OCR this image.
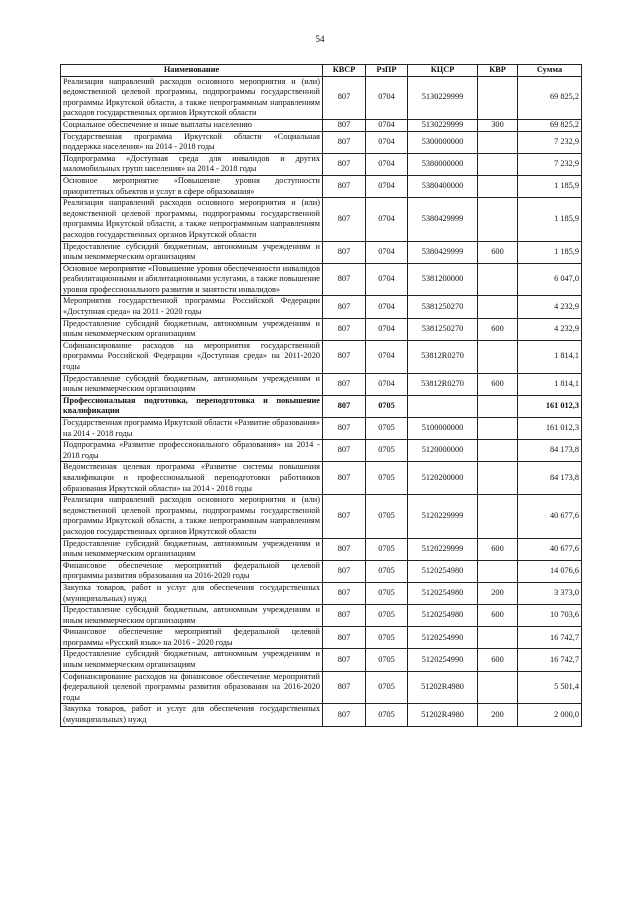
54
Наименование	КВСР	РзПР	КЦСР	КВР	Сумма
Реализация направлений расходов основного мероприятия и (или) ведомственной целевой программы, подпрограммы государственной программы Иркутской области, а также непрограммным направлениям расходов государственных органов Иркутской области	807	0704	5130229999		69 825,2
Социальное обеспечение и иные выплаты населению	807	0704	5130229999	300	69 825,2
Государственная программа Иркутской области «Социальная поддержка населения» на 2014 - 2018 годы	807	0704	5300000000		7 232,9
Подпрограмма «Доступная среда для инвалидов и других маломобильных групп населения» на 2014 - 2018 годы	807	0704	5380000000		7 232,9
Основное мероприятие «Повышение уровня доступности приоритетных объектов и услуг в сфере образования»	807	0704	5380400000		1 185,9
Реализация направлений расходов основного мероприятия и (или) ведомственной целевой программы, подпрограммы государственной программы Иркутской области, а также непрограммным направлениям расходов государственных органов Иркутской области	807	0704	5380429999		1 185,9
Предоставление субсидий бюджетным, автономным учреждениям и иным некоммерческим организациям	807	0704	5380429999	600	1 185,9
Основное мероприятие «Повышение уровня обеспеченности инвалидов реабилитационными и абилитационными услугами, а также повышение уровня профессионального развития и занятости инвалидов»	807	0704	5381200000		6 047,0
Мероприятия государственной программы Российской Федерации «Доступная среда» на 2011 - 2020 годы	807	0704	5381250270		4 232,9
Предоставление субсидий бюджетным, автономным учреждениям и иным некоммерческим организациям	807	0704	5381250270	600	4 232,9
Софинансирование расходов на мероприятия государственной программы Российской Федерации «Доступная среда» на 2011-2020 годы	807	0704	53812R0270		1 814,1
Предоставление субсидий бюджетным, автономным учреждениям и иным некоммерческим организациям	807	0704	53812R0270	600	1 814,1
Профессиональная подготовка, переподготовка и повышение квалификации	807	0705			161 012,3
Государственная программа Иркутской области «Развитие образования» на 2014 - 2018 годы	807	0705	5100000000		161 012,3
Подпрограмма «Развитие профессионального образования» на 2014 - 2018 годы	807	0705	5120000000		84 173,8
Ведомственная целевая программа «Развитие системы повышения квалификации и профессиональной переподготовки работников образования Иркутской области» на 2014 - 2018 годы	807	0705	5120200000		84 173,8
Реализация направлений расходов основного мероприятия и (или) ведомственной целевой программы, подпрограммы государственной программы Иркутской области, а также непрограммным направлениям расходов государственных органов Иркутской области	807	0705	5120229999		40 677,6
Предоставление субсидий бюджетным, автономным учреждениям и иным некоммерческим организациям	807	0705	5120229999	600	40 677,6
Финансовое обеспечение мероприятий федеральной целевой программы развития образования на 2016-2020 годы	807	0705	5120254980		14 076,6
Закупка товаров, работ и услуг для обеспечения государственных (муниципальных) нужд	807	0705	5120254980	200	3 373,0
Предоставление субсидий бюджетным, автономным учреждениям и иным некоммерческим организациям	807	0705	5120254980	600	10 703,6
Финансовое обеспечение мероприятий федеральной целевой программы «Русский язык» на 2016 - 2020 годы	807	0705	5120254990		16 742,7
Предоставление субсидий бюджетным, автономным учреждениям и иным некоммерческим организациям	807	0705	5120254990	600	16 742,7
Софинансирование расходов на финансовое обеспечение мероприятий федеральной целевой программы развития образования на 2016-2020 годы	807	0705	51202R4980		5 501,4
Закупка товаров, работ и услуг для обеспечения государственных (муниципальных) нужд	807	0705	51202R4980	200	2 000,0
